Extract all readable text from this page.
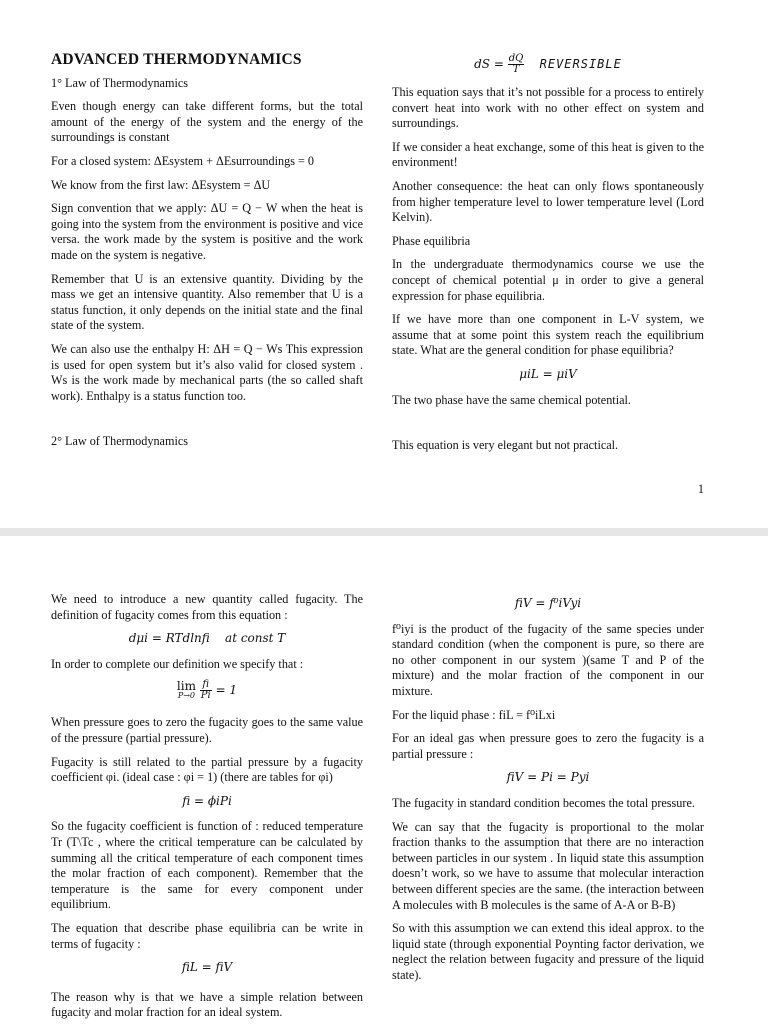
ADVANCED THERMODYNAMICS
1° Law of Thermodynamics

Even though energy can take different forms, but the total amount of the energy of the system and the energy of the surroundings is constant

For a closed system: ΔEsystem + ΔEsurroundings = 0

We know from the first law: ΔEsystem = ΔU

Sign convention that we apply: ΔU = Q − W when the heat is going into the system from the environment is positive and vice versa. the work made by the system is positive and the work made on the system is negative.

Remember that U is an extensive quantity. Dividing by the mass we get an intensive quantity. Also remember that U is a status function, it only depends on the initial state and the final state of the system.

We can also use the enthalpy H: ΔH = Q − Ws This expression is used for open system but it’s also valid for closed system . Ws is the work made by mechanical parts (the so called shaft work). Enthalpy is a status function too.

2° Law of Thermodynamics
dS = $\frac{dQ}{T}$ REVERSIBLE

This equation says that it’s not possible for a process to entirely convert heat into work with no other effect on system and surroundings.

If we consider a heat exchange, some of this heat is given to the environment!

Another consequence: the heat can only flows spontaneously from higher temperature level to lower temperature level (Lord Kelvin).

Phase equilibria

In the undergraduate thermodynamics course we use the concept of chemical potential μ in order to give a general expression for phase equilibria.

If we have more than one component in L-V system, we assume that at some point this system reach the equilibrium state. What are the general condition for phase equilibria?

μiL = μiV

The two phase have the same chemical potential.

This equation is very elegant but not practical.

1

We need to introduce a new quantity called fugacity. The definition of fugacity comes from this equation :

dμi = RTdlnfi at const T

In order to complete our definition we specify that :

lim
P→0
$\frac{fi}{Pi} = 1$

When pressure goes to zero the fugacity goes to the same value of the pressure (partial pressure).

Fugacity is still related to the partial pressure by a fugacity coefficient φi. (ideal case : φi = 1) (there are tables for φi)

fi = ϕiPi

So the fugacity coefficient is function of : reduced temperature Tr (T\Tc , where the critical temperature can be calculated by summing all the critical temperature of each component times the molar fraction of each component). Remember that the temperature is the same for every component under equilibrium.

The equation that describe phase equilibria can be write in terms of fugacity :

fiL = fiV

The reason why is that we have a simple relation between fugacity and molar fraction for an ideal system.

fiV = f⁰iVyi

f⁰iyi is the product of the fugacity of the same species under standard condition (when the component is pure, so there are no other component in our system )(same T and P of the mixture) and the molar fraction of the component in our mixture.

For the liquid phase : fiL = f⁰iLxi

For an ideal gas when pressure goes to zero the fugacity is a partial pressure :

fiV = Pi = Pyi

The fugacity in standard condition becomes the total pressure.

We can say that the fugacity is proportional to the molar fraction thanks to the assumption that there are no interaction between particles in our system . In liquid state this assumption doesn’t work, so we have to assume that molecular interaction between different species are the same. (the interaction between A molecules with B molecules is the same of A-A or B-B)

So with this assumption we can extend this ideal approx. to the liquid state (through exponential Poynting factor derivation, we neglect the relation between fugacity and pressure of the liquid state).
